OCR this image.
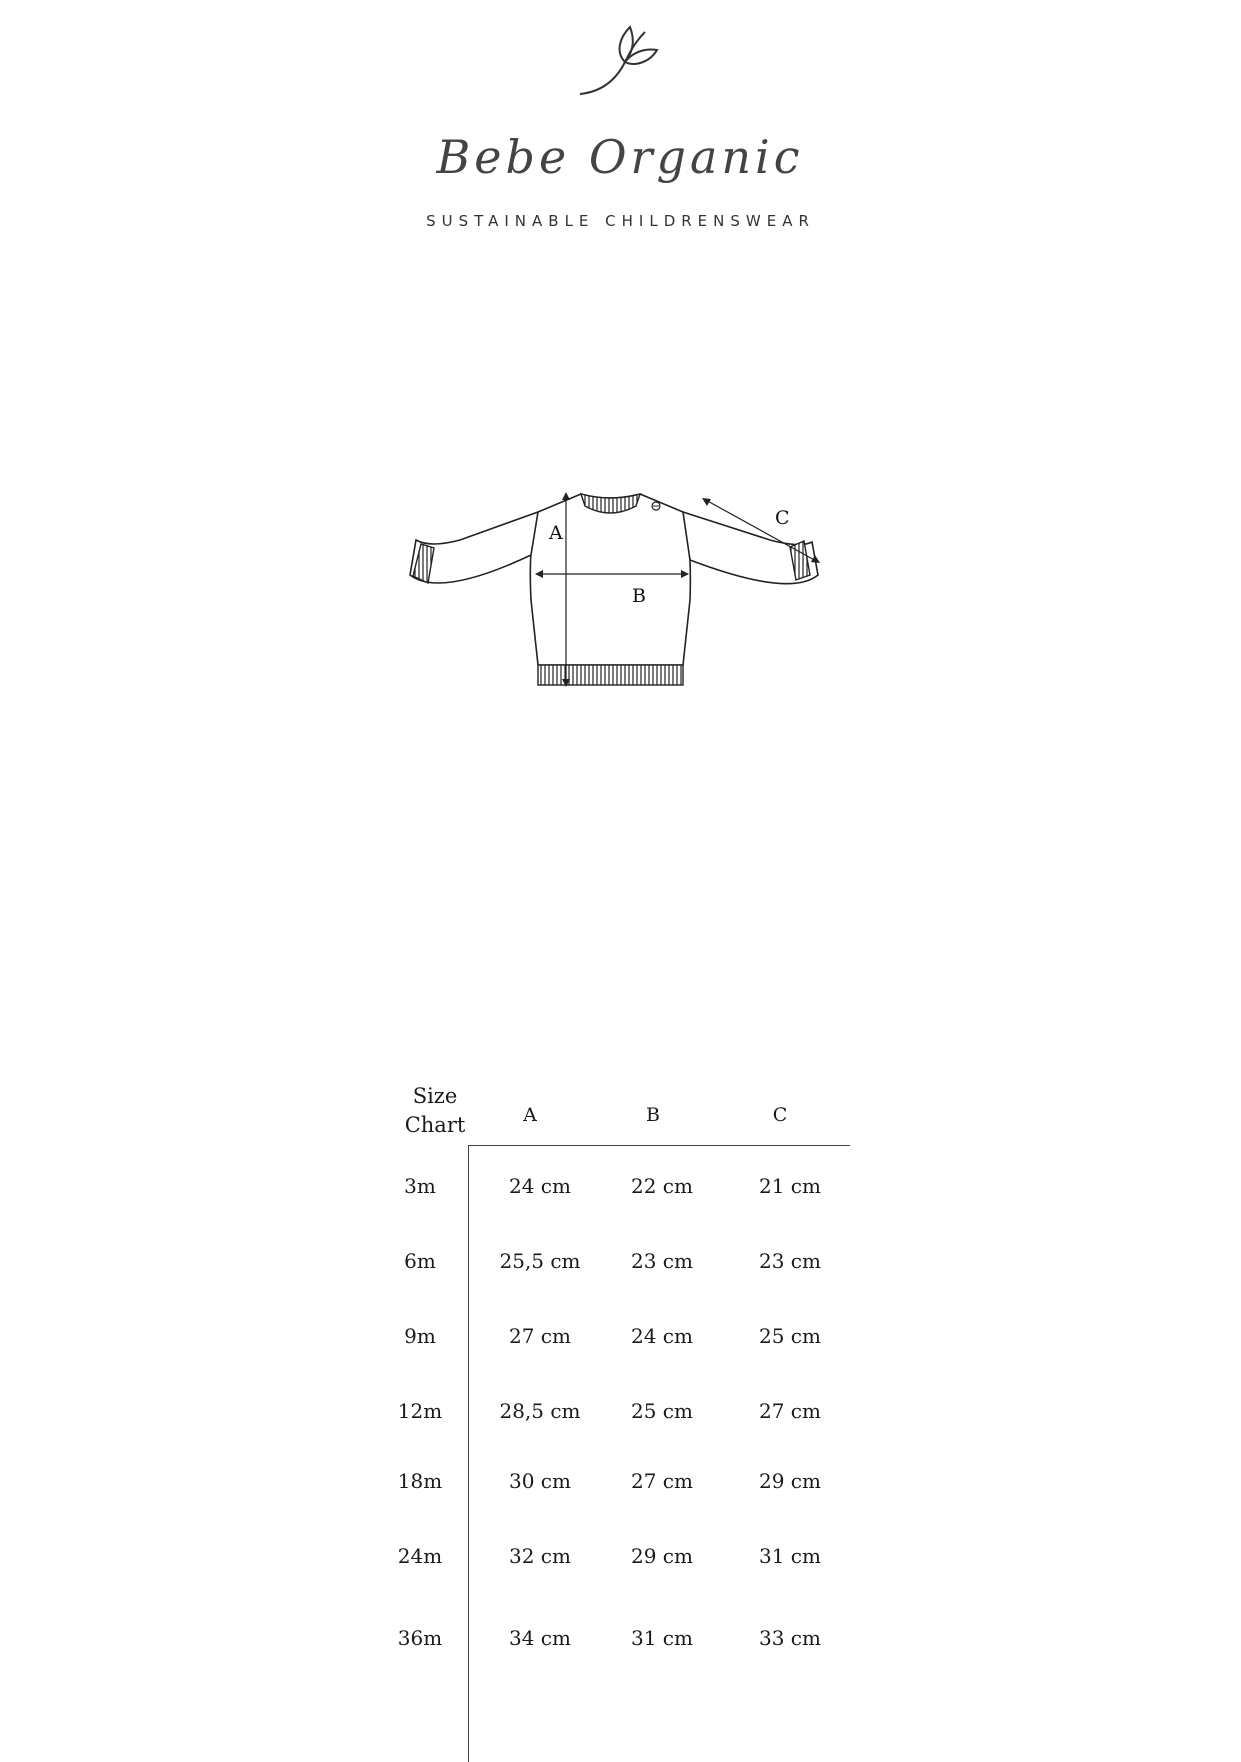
Bebe Organic
SUSTAINABLE CHILDRENSWEAR
A
B
C
Size
Chart	A	B	C
3m	24 cm	22 cm	21 cm
6m	25,5 cm	23 cm	23 cm
9m	27 cm	24 cm	25 cm
12m	28,5 cm	25 cm	27 cm
18m	30 cm	27 cm	29 cm
24m	32 cm	29 cm	31 cm
36m	34 cm	31 cm	33 cm
